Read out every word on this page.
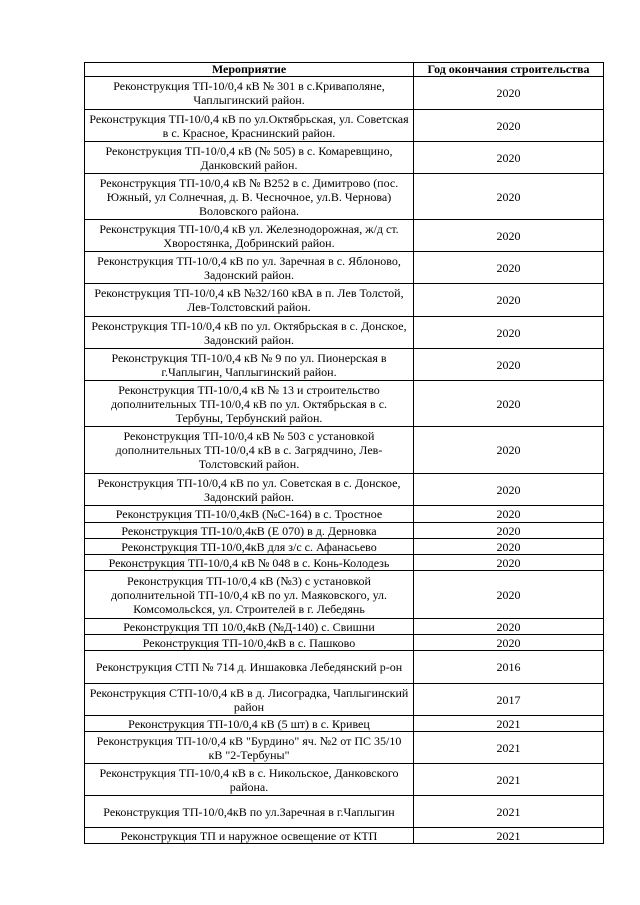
Мероприятие	Год окончания строительства
Реконструкция ТП-10/0,4 кВ № 301 в с.Криваполяне, Чаплыгинский район.	2020
Реконструкция ТП-10/0,4 кВ по ул.Октябрьская, ул. Советская в с. Красное, Краснинский район.	2020
Реконструкция ТП-10/0,4 кВ (№ 505) в с. Комаревщино, Данковский район.	2020
Реконструкция ТП-10/0,4 кВ № В252 в с. Димитрово (пос. Южный, ул Солнечная, д. В. Чесночное, ул.В. Чернова) Воловского района.	2020
Реконструкция ТП-10/0,4 кВ ул. Железнодорожная, ж/д ст. Хворостянка, Добринский район.	2020
Реконструкция ТП-10/0,4 кВ по ул. Заречная в с. Яблоново, Задонский район.	2020
Реконструкция ТП-10/0,4 кВ №32/160 кВА в п. Лев Толстой, Лев-Толстовский район.	2020
Реконструкция ТП-10/0,4 кВ по ул. Октябрьская в с. Донское, Задонский район.	2020
Реконструкция ТП-10/0,4 кВ № 9 по ул. Пионерская в г.Чаплыгин, Чаплыгинский район.	2020
Реконструкция ТП-10/0,4 кВ № 13 и строительство дополнительных ТП-10/0,4 кВ по ул. Октябрьская в с. Тербуны, Тербунский район.	2020
Реконструкция ТП-10/0,4 кВ № 503 с установкой дополнительных ТП-10/0,4 кВ в с. Загрядчино, Лев-Толстовский район.	2020
Реконструкция ТП-10/0,4 кВ по ул. Советская в с. Донское, Задонский район.	2020
Реконструкция ТП-10/0,4кВ (№С-164) в с. Тростное	2020
Реконструкция ТП-10/0,4кВ (Е 070) в д. Дерновка	2020
Реконструкция ТП-10/0,4кВ для з/с с. Афанасьево	2020
Реконструкция ТП-10/0,4 кВ № 048 в с. Конь-Колодезь	2020
Реконструкция ТП-10/0,4 кВ (№3) с установкой дополнительной ТП-10/0,4 кВ по ул. Маяковского, ул. Комсомольсkся, ул. Строителей в г. Лебедянь	2020
Реконструкция ТП 10/0,4кВ (№Д-140) с. Свишни	2020
Реконструкция ТП-10/0,4кВ в с. Пашково	2020
Реконструкция СТП № 714 д. Иншаковка Лебедянский р-он	2016
Реконструкция СТП-10/0,4 кВ в д. Лисоградка, Чаплыгинский район	2017
Реконструкция ТП-10/0,4 кВ (5 шт) в с. Кривец	2021
Реконструкция ТП-10/0,4 кВ "Бурдино" яч. №2 от ПС 35/10 кВ "2-Тербуны"	2021
Реконструкция ТП-10/0,4 кВ в с. Никольское, Данковского района.	2021
Реконструкция ТП-10/0,4кВ по ул.Заречная в г.Чаплыгин	2021
Реконструкция ТП и наружное освещение от КТП	2021
